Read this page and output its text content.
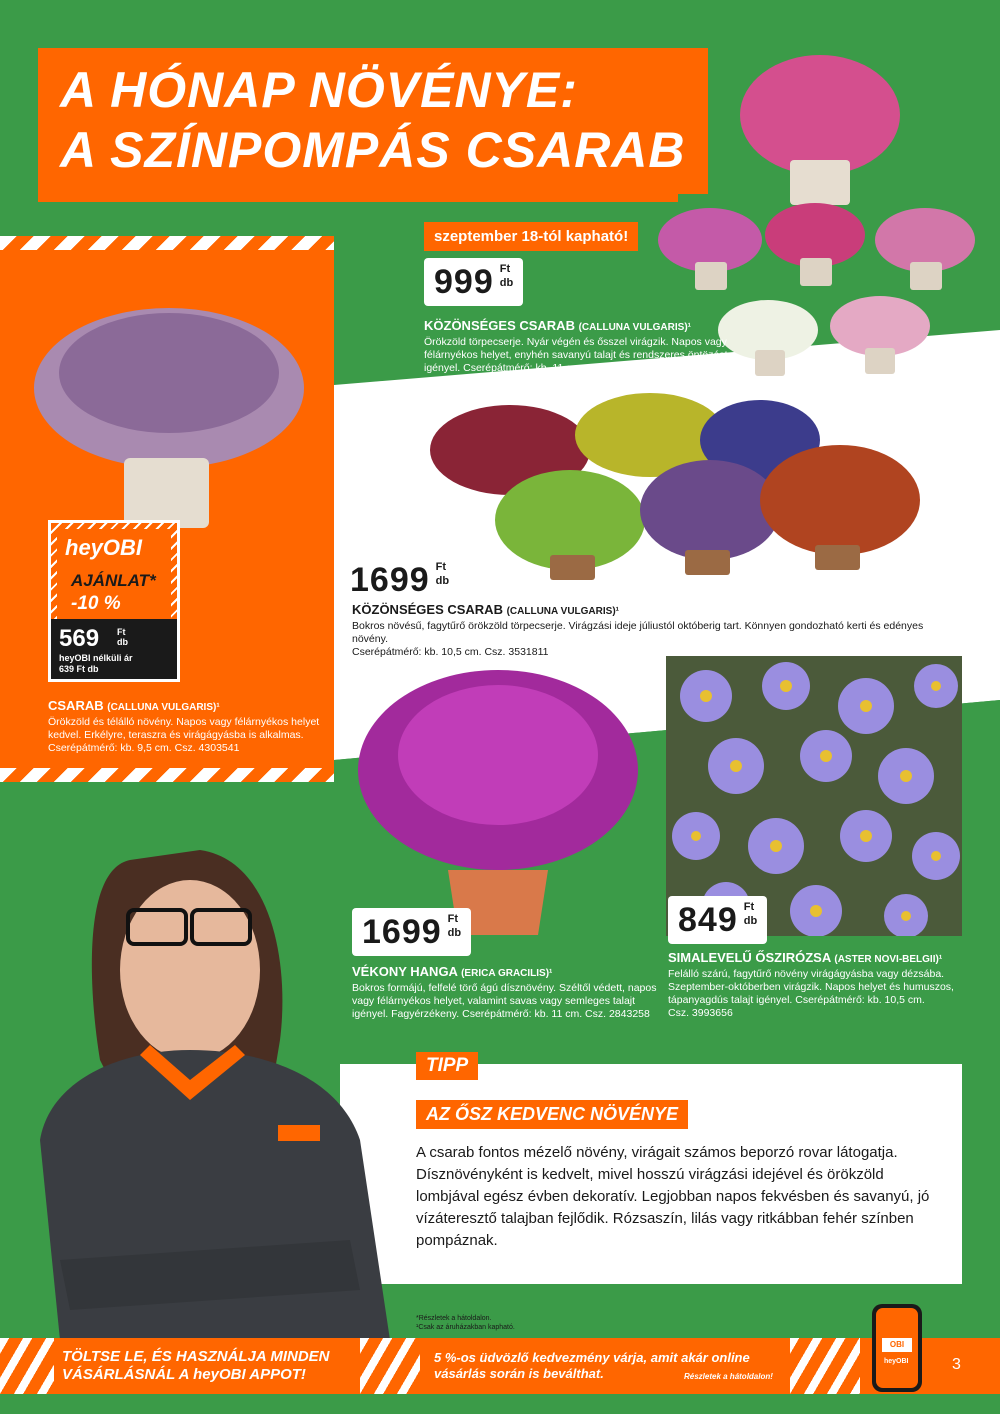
A HÓNAP NÖVÉNYE:
A SZÍNPOMPÁS CSARAB
szeptember 18-tól kapható!
999 Ft
db
KÖZÖNSÉGES CSARAB (CALLUNA VULGARIS)¹
Örökzöld törpecserje. Nyár végén és ősszel virágzik. Napos vagy
félárnyékos helyet, enyhén savanyú talajt és rendszeres öntözést
igényel. Cserépátmérő: kb. 11 cm. Csz. 2843670
1699 Ft
db
KÖZÖNSÉGES CSARAB (CALLUNA VULGARIS)¹
Bokros növésű, fagytűrő örökzöld törpecserje. Virágzási ideje júliustól októberig tart. Könnyen gondozható kerti és edényes növény.
Cserépátmérő: kb. 10,5 cm. Csz. 3531811
heyOBI
AJÁNLAT*
-10 %
569 Ft
db
heyOBI nélküli ár
639 Ft db
CSARAB (CALLUNA VULGARIS)¹
Örökzöld és télálló növény. Napos vagy félárnyékos helyet
kedvel. Erkélyre, teraszra és virágágyásba is alkalmas.
Cserépátmérő: kb. 9,5 cm. Csz. 4303541
1699 Ft
db
VÉKONY HANGA (ERICA GRACILIS)¹
Bokros formájú, felfelé törő ágú dísznövény. Széltől védett, napos
vagy félárnyékos helyet, valamint savas vagy semleges talajt
igényel. Fagyérzékeny. Cserépátmérő: kb. 11 cm. Csz. 2843258
849 Ft
db
SIMALEVELŰ ŐSZIRÓZSA (ASTER NOVI-BELGII)¹
Felálló szárú, fagytűrő növény virágágyásba vagy dézsába.
Szeptember-októberben virágzik. Napos helyet és humuszos,
tápanyagdús talajt igényel. Cserépátmérő: kb. 10,5 cm.
Csz. 3993656
TIPP
AZ ŐSZ KEDVENC NÖVÉNYE
A csarab fontos mézelő növény, virágait számos beporzó rovar látogatja. Dísznövényként is kedvelt, mivel hosszú virágzási idejével és örökzöld lombjával egész évben dekoratív. Legjobban napos fekvésben és savanyú, jó vízáteresztő talajban fejlődik. Rózsaszín, lilás vagy ritkábban fehér színben pompáznak.
*Részletek a hátoldalon.
¹Csak az áruházakban kapható.
TÖLTSE LE, ÉS HASZNÁLJA MINDEN
VÁSÁRLÁSNÁL A heyOBI APPOT!
5 %-os üdvözlő kedvezmény várja, amit akár online
vásárlás során is beválthat.	Részletek a hátoldalon!
OBI
heyOBI	3
